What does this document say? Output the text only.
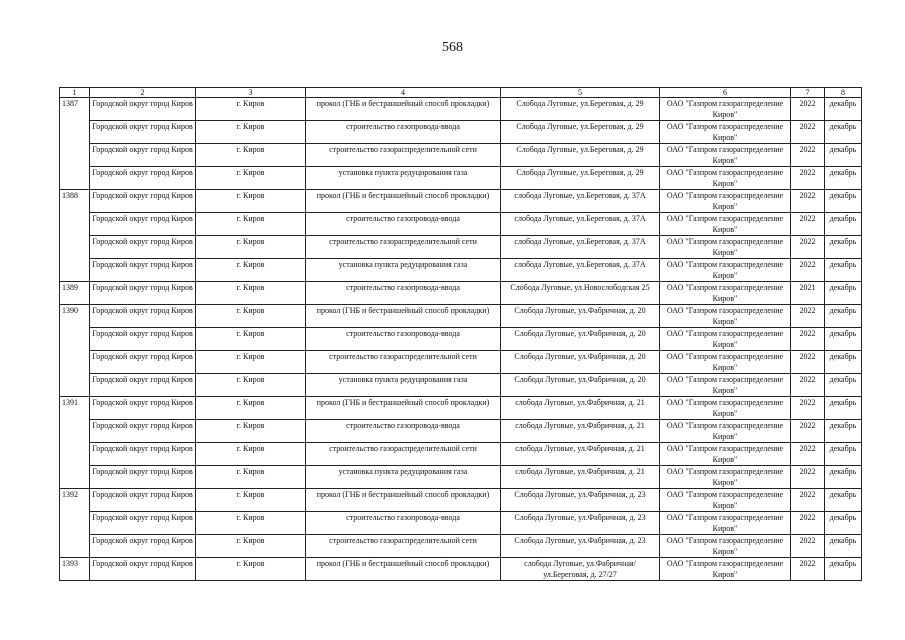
568
1	2	3	4	5	6	7	8
1387	Городской округ город Киров	г. Киров	прокол (ГНБ и бестраншейный способ прокладки)	Слобода Луговые, ул.Береговая, д. 29	ОАО "Газпром газораспределение Киров"	2022	декабрь
	Городской округ город Киров	г. Киров	строительство газопровода-ввода	Слобода Луговые, ул.Береговая, д. 29	ОАО "Газпром газораспределение Киров"	2022	декабрь
	Городской округ город Киров	г. Киров	строительство газораспределительной сети	Слобода Луговые, ул.Береговая, д. 29	ОАО "Газпром газораспределение Киров"	2022	декабрь
	Городской округ город Киров	г. Киров	установка пункта редуцирования газа	Слобода Луговые, ул.Береговая, д. 29	ОАО "Газпром газораспределение Киров"	2022	декабрь
1388	Городской округ город Киров	г. Киров	прокол (ГНБ и бестраншейный способ прокладки)	слобода Луговые, ул.Береговая, д. 37А	ОАО "Газпром газораспределение Киров"	2022	декабрь
	Городской округ город Киров	г. Киров	строительство газопровода-ввода	слобода Луговые, ул.Береговая, д. 37А	ОАО "Газпром газораспределение Киров"	2022	декабрь
	Городской округ город Киров	г. Киров	строительство газораспределительной сети	слобода Луговые, ул.Береговая, д. 37А	ОАО "Газпром газораспределение Киров"	2022	декабрь
	Городской округ город Киров	г. Киров	установка пункта редуцирования газа	слобода Луговые, ул.Береговая, д. 37А	ОАО "Газпром газораспределение Киров"	2022	декабрь
1389	Городской округ город Киров	г. Киров	строительство газопровода-ввода	Слобода Луговые, ул.Новослободская 25	ОАО "Газпром газораспределение Киров"	2021	декабрь
1390	Городской округ город Киров	г. Киров	прокол (ГНБ и бестраншейный способ прокладки)	Слобода Луговые, ул.Фабричная, д. 20	ОАО "Газпром газораспределение Киров"	2022	декабрь
	Городской округ город Киров	г. Киров	строительство газопровода-ввода	Слобода Луговые, ул.Фабричная, д. 20	ОАО "Газпром газораспределение Киров"	2022	декабрь
	Городской округ город Киров	г. Киров	строительство газораспределительной сети	Слобода Луговые, ул.Фабричная, д. 20	ОАО "Газпром газораспределение Киров"	2022	декабрь
	Городской округ город Киров	г. Киров	установка пункта редуцирования газа	Слобода Луговые, ул.Фабричная, д. 20	ОАО "Газпром газораспределение Киров"	2022	декабрь
1391	Городской округ город Киров	г. Киров	прокол (ГНБ и бестраншейный способ прокладки)	слобода Луговые, ул.Фабричная, д. 21	ОАО "Газпром газораспределение Киров"	2022	декабрь
	Городской округ город Киров	г. Киров	строительство газопровода-ввода	слобода Луговые, ул.Фабричная, д. 21	ОАО "Газпром газораспределение Киров"	2022	декабрь
	Городской округ город Киров	г. Киров	строительство газораспределительной сети	слобода Луговые, ул.Фабричная, д. 21	ОАО "Газпром газораспределение Киров"	2022	декабрь
	Городской округ город Киров	г. Киров	установка пункта редуцирования газа	слобода Луговые, ул.Фабричная, д. 21	ОАО "Газпром газораспределение Киров"	2022	декабрь
1392	Городской округ город Киров	г. Киров	прокол (ГНБ и бестраншейный способ прокладки)	Слобода Луговые, ул.Фабричная, д. 23	ОАО "Газпром газораспределение Киров"	2022	декабрь
	Городской округ город Киров	г. Киров	строительство газопровода-ввода	Слобода Луговые, ул.Фабричная, д. 23	ОАО "Газпром газораспределение Киров"	2022	декабрь
	Городской округ город Киров	г. Киров	строительство газораспределительной сети	Слобода Луговые, ул.Фабричная, д. 23	ОАО "Газпром газораспределение Киров"	2022	декабрь
1393	Городской округ город Киров	г. Киров	прокол (ГНБ и бестраншейный способ прокладки)	слобода Луговые, ул.Фабричная/ул.Береговая, д. 27/27	ОАО "Газпром газораспределение Киров"	2022	декабрь
